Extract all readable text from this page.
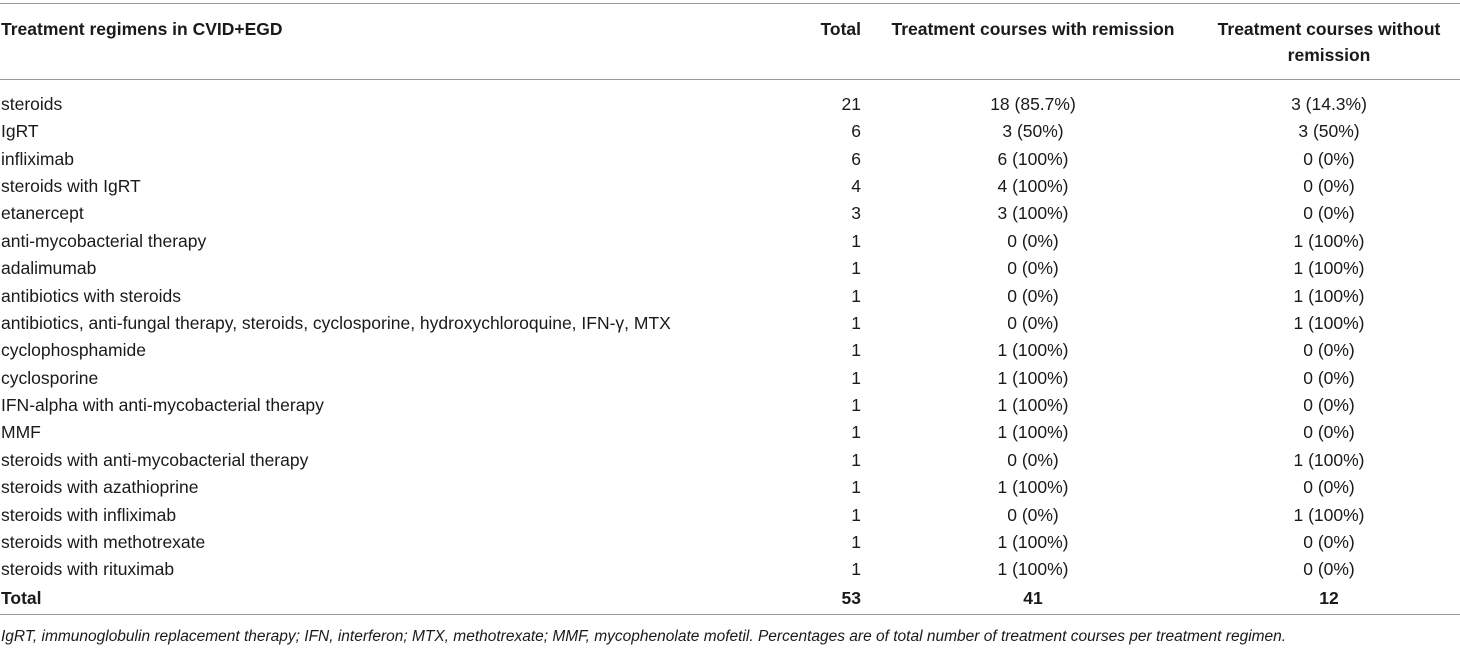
Treatment regimens in CVID+EGD	Total	Treatment courses with remission	Treatment courses without remission
steroids	21	18 (85.7%)	3 (14.3%)
IgRT	6	3 (50%)	3 (50%)
infliximab	6	6 (100%)	0 (0%)
steroids with IgRT	4	4 (100%)	0 (0%)
etanercept	3	3 (100%)	0 (0%)
anti-mycobacterial therapy	1	0 (0%)	1 (100%)
adalimumab	1	0 (0%)	1 (100%)
antibiotics with steroids	1	0 (0%)	1 (100%)
antibiotics, anti-fungal therapy, steroids, cyclosporine, hydroxychloroquine, IFN-γ, MTX	1	0 (0%)	1 (100%)
cyclophosphamide	1	1 (100%)	0 (0%)
cyclosporine	1	1 (100%)	0 (0%)
IFN-alpha with anti-mycobacterial therapy	1	1 (100%)	0 (0%)
MMF	1	1 (100%)	0 (0%)
steroids with anti-mycobacterial therapy	1	0 (0%)	1 (100%)
steroids with azathioprine	1	1 (100%)	0 (0%)
steroids with infliximab	1	0 (0%)	1 (100%)
steroids with methotrexate	1	1 (100%)	0 (0%)
steroids with rituximab	1	1 (100%)	0 (0%)
Total	53	41	12
IgRT, immunoglobulin replacement therapy; IFN, interferon; MTX, methotrexate; MMF, mycophenolate mofetil. Percentages are of total number of treatment courses per treatment regimen.
